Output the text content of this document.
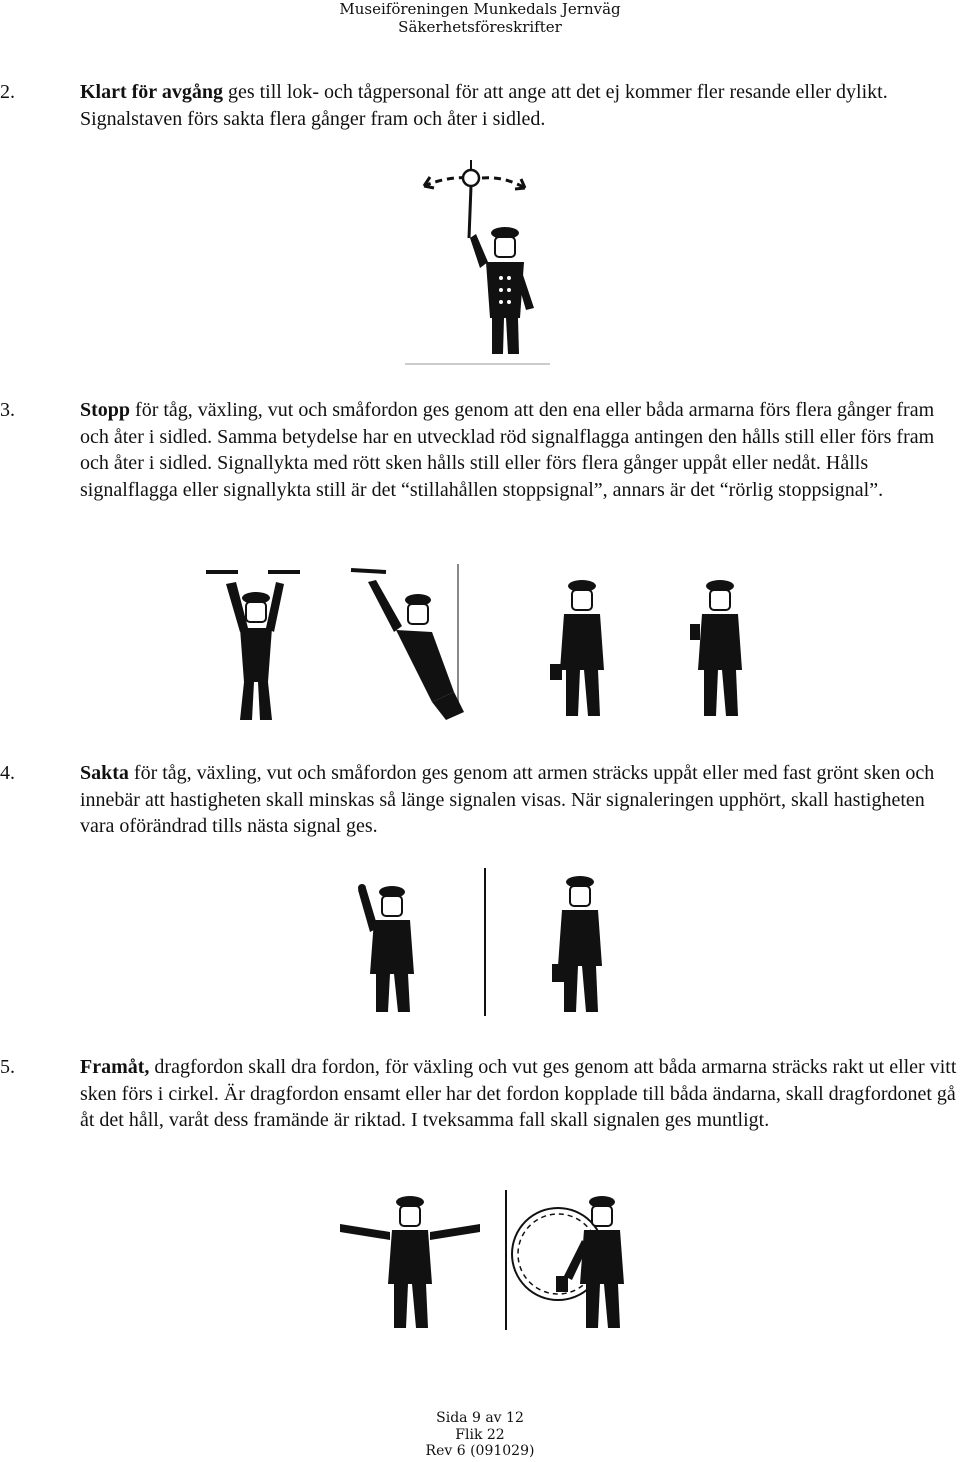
Museiföreningen Munkedals Jernväg
Säkerhetsföreskrifter
2.	Klart för avgång ges till lok- och tågpersonal för att ange att det ej kommer fler resande eller dylikt. Signalstaven förs sakta flera gånger fram och åter i sidled.
3.	Stopp för tåg, växling, vut och småfordon ges genom att den ena eller båda armarna förs flera gånger fram och åter i sidled. Samma betydelse har en utvecklad röd signalflagga antingen den hålls still eller förs fram och åter i sidled. Signallykta med rött sken hålls still eller förs flera gånger uppåt eller nedåt. Hålls signalflagga eller signallykta still är det “stillahållen stoppsignal”, annars är det “rörlig stoppsignal”.
4.	Sakta för tåg, växling, vut och småfordon ges genom att armen sträcks uppåt eller med fast grönt sken och innebär att hastigheten skall minskas så länge signalen visas. När signaleringen upphört, skall hastigheten vara oförändrad tills nästa signal ges.
5.	Framåt, dragfordon skall dra fordon, för växling och vut ges genom att båda armarna sträcks rakt ut eller vitt sken förs i cirkel. Är dragfordon ensamt eller har det fordon kopplade till båda ändarna, skall dragfordonet gå åt det håll, varåt dess framände är riktad. I tveksamma fall skall signalen ges muntligt.
Sida 9 av 12
Flik 22
Rev 6 (091029)
